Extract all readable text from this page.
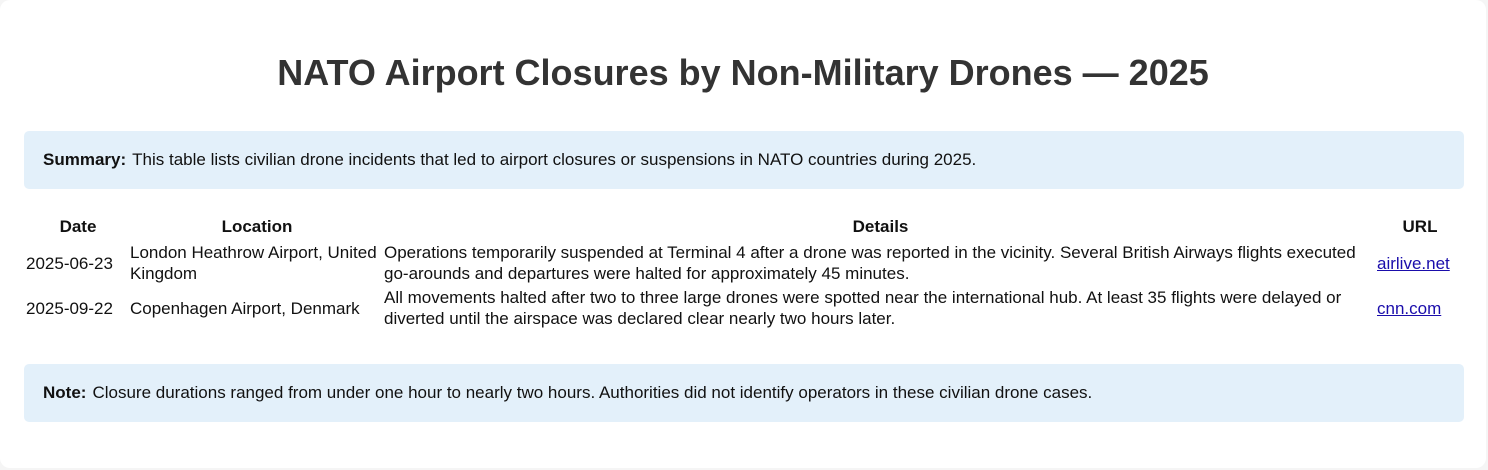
NATO Airport Closures by Non-Military Drones — 2025
Summary: This table lists civilian drone incidents that led to airport closures or suspensions in NATO countries during 2025.
Date	Location	Details	URL
2025-06-23	London Heathrow Airport, United Kingdom	Operations temporarily suspended at Terminal 4 after a drone was reported in the vicinity. Several British Airways flights executed go-arounds and departures were halted for approximately 45 minutes.	airlive.net
2025-09-22	Copenhagen Airport, Denmark	All movements halted after two to three large drones were spotted near the international hub. At least 35 flights were delayed or diverted until the airspace was declared clear nearly two hours later.	cnn.com
Note: Closure durations ranged from under one hour to nearly two hours. Authorities did not identify operators in these civilian drone cases.
